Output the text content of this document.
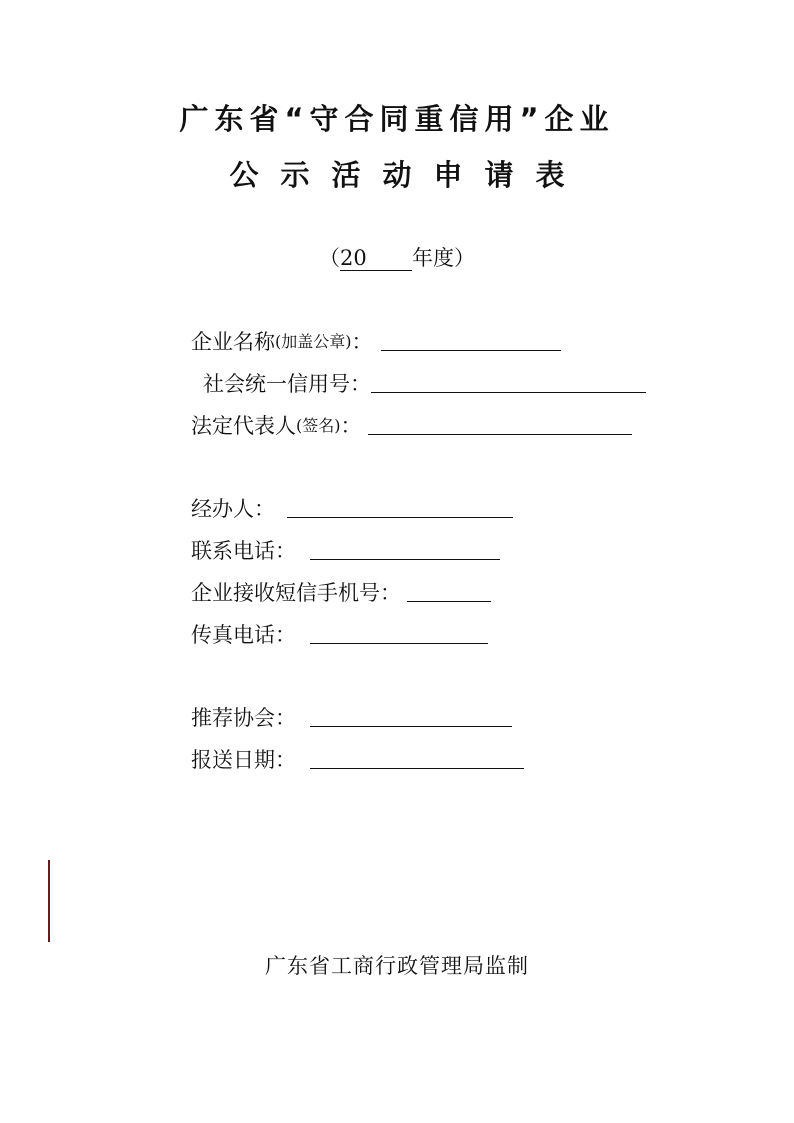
广东省“守合同重信用”企业
公示活动申请表
（20 年度）
企业名称 (加盖公章) ：
社会统一信用号 ：
法定代表人 (签名) ：
经办人 ：
联系电话 ：
企业接收短信手机号 ：
传真电话 ：
推荐协会 ：
报送日期 ：
广东省工商行政管理局监制
